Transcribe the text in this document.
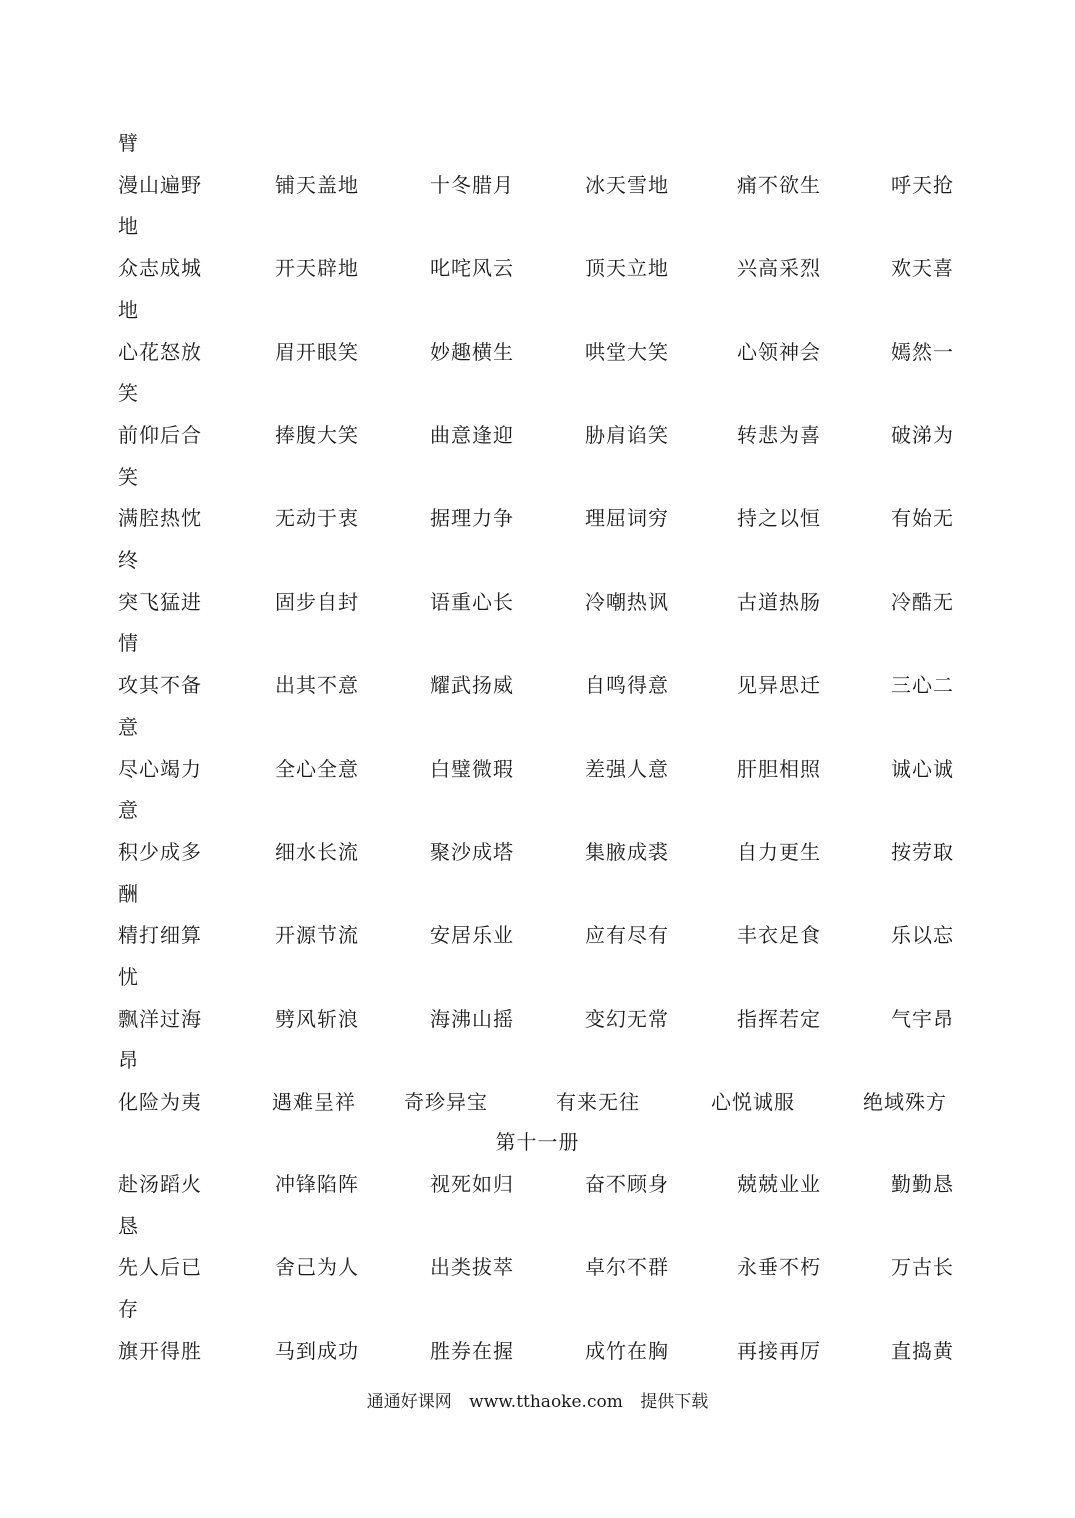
臂
漫山遍野	铺天盖地	十冬腊月	冰天雪地	痛不欲生	呼天抢
地
众志成城	开天辟地	叱咤风云	顶天立地	兴高采烈	欢天喜
地
心花怒放	眉开眼笑	妙趣横生	哄堂大笑	心领神会	嫣然一
笑
前仰后合	捧腹大笑	曲意逢迎	胁肩谄笑	转悲为喜	破涕为
笑
满腔热忱	无动于衷	据理力争	理屈词穷	持之以恒	有始无
终
突飞猛进	固步自封	语重心长	冷嘲热讽	古道热肠	冷酷无
情
攻其不备	出其不意	耀武扬威	自鸣得意	见异思迁	三心二
意
尽心竭力	全心全意	白璧微瑕	差强人意	肝胆相照	诚心诚
意
积少成多	细水长流	聚沙成塔	集腋成裘	自力更生	按劳取
酬
精打细算	开源节流	安居乐业	应有尽有	丰衣足食	乐以忘
忧
飘洋过海	劈风斩浪	海沸山摇	变幻无常	指挥若定	气宇昂
昂
化险为夷	遇难呈祥 奇珍异宝	有来无往	心悦诚服	绝域殊方
第十一册
赴汤蹈火	冲锋陷阵	视死如归	奋不顾身	兢兢业业	勤勤恳
恳
先人后已	舍己为人	出类拔萃	卓尔不群	永垂不朽	万古长
存
旗开得胜	马到成功	胜券在握	成竹在胸	再接再厉	直捣黄
通通好课网 www.tthaoke.com 提供下载
